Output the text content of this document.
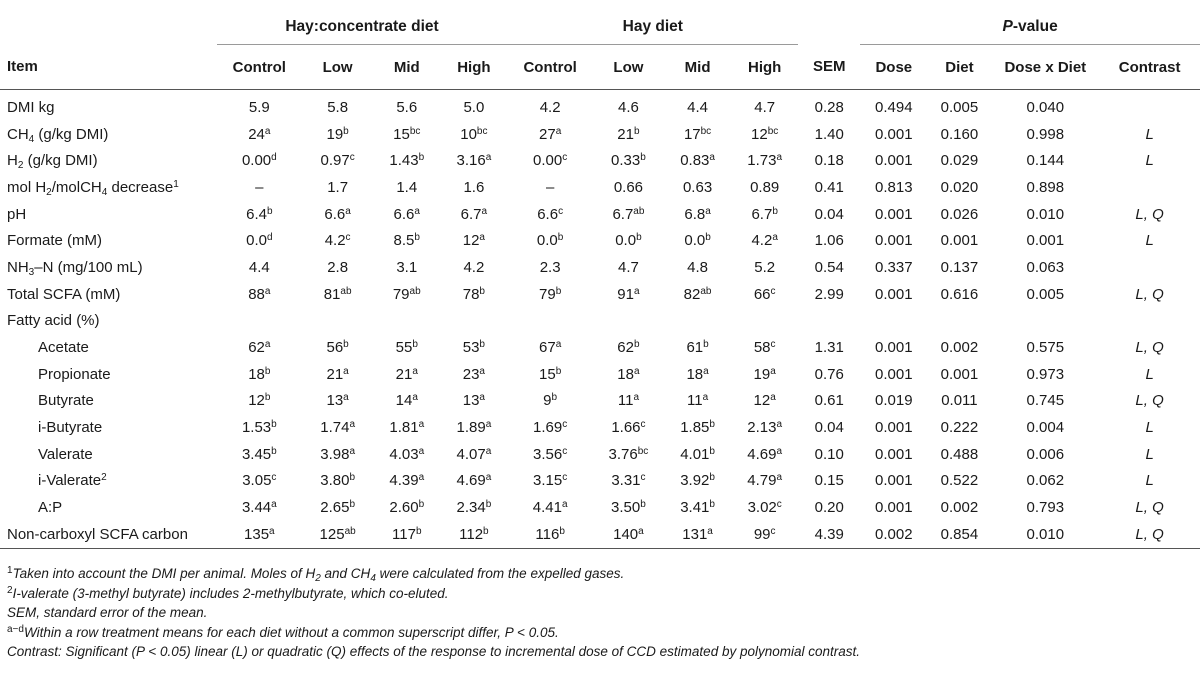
	Hay:concentrate diet				Hay diet					P-value			
Item	Control	Low	Mid	High	Control	Low	Mid	High	SEM	Dose	Diet	Dose x Diet	Contrast
DMI kg	5.9	5.8	5.6	5.0	4.2	4.6	4.4	4.7	0.28	0.494	0.005	0.040	
$CH_4$ (g/kg DMI)	24$^a$	19$^b$	$15^{bc}$	$10^{bc}$	27$^a$	21$^b$	$17^{bc}$	$12^{bc}$	1.40	0.001	0.160	0.998	L
$H_2$ (g/kg DMI)	0.00$^d$	0.97$^c$	1.43$^b$	3.16$^a$	0.00$^c$	0.33$^b$	0.83$^a$	1.73$^a$	0.18	0.001	0.029	0.144	L
mol $H_2/molCH_4$ decrease$^1$	–	1.7	1.4	1.6	–	0.66	0.63	0.89	0.41	0.813	0.020	0.898	
pH	6.4$^b$	6.6$^a$	6.6$^a$	6.7$^a$	6.6$^c$	6.7$^{ab}$	6.8$^a$	6.7$^b$	0.04	0.001	0.026	0.010	L, Q
Formate (mM)	0.0$^d$	4.2$^c$	8.5$^b$	12$^a$	0.0$^b$	0.0$^b$	0.0$^b$	4.2$^a$	1.06	0.001	0.001	0.001	L
$NH_3-N$ (mg/100 mL)	4.4	2.8	3.1	4.2	2.3	4.7	4.8	5.2	0.54	0.337	0.137	0.063	
Total SCFA (mM)	88$^a$	$81^{ab}$	$79^{ab}$	78$^b$	79$^b$	91$^a$	$82^{ab}$	66$^c$	2.99	0.001	0.616	0.005	L, Q
Fatty acid (%)													
Acetate	62$^a$	56$^b$	55$^b$	53$^b$	67$^a$	62$^b$	61$^b$	58$^c$	1.31	0.001	0.002	0.575	L, Q
Propionate	18$^b$	21$^a$	21$^a$	23$^a$	15$^b$	18$^a$	18$^a$	19$^a$	0.76	0.001	0.001	0.973	L
Butyrate	12$^b$	13$^a$	14$^a$	13$^a$	9$^b$	11$^a$	11$^a$	12$^a$	0.61	0.019	0.011	0.745	L, Q
i-Butyrate	1.53$^b$	1.74$^a$	1.81$^a$	1.89$^a$	1.69$^c$	1.66$^c$	1.85$^b$	2.13$^a$	0.04	0.001	0.222	0.004	L
Valerate	3.45$^b$	3.98$^a$	4.03$^a$	4.07$^a$	3.56$^c$	3.76$^{bc}$	4.01$^b$	4.69$^a$	0.10	0.001	0.488	0.006	L
i-Valerate$^2$	3.05$^c$	3.80$^b$	4.39$^a$	4.69$^a$	3.15$^c$	3.31$^c$	3.92$^b$	4.79$^a$	0.15	0.001	0.522	0.062	L
A:P	3.44$^a$	2.65$^b$	2.60$^b$	2.34$^b$	4.41$^a$	3.50$^b$	3.41$^b$	3.02$^c$	0.20	0.001	0.002	0.793	L, Q
Non-carboxyl SCFA carbon	135$^a$	$125^{ab}$	117$^b$	112$^b$	116$^b$	140$^a$	131$^a$	99$^c$	4.39	0.002	0.854	0.010	L, Q
$^1$Taken into account the DMI per animal. Moles of $H_2$ and $CH_4$ were calculated from the expelled gases.
$^2$I-valerate (3-methyl butyrate) includes 2-methylbutyrate, which co-eluted.
SEM, standard error of the mean.
$^{a-d}$Within a row treatment means for each diet without a common superscript differ, P < 0.05.
Contrast: Significant (P < 0.05) linear (L) or quadratic (Q) effects of the response to incremental dose of CCD estimated by polynomial contrast.
